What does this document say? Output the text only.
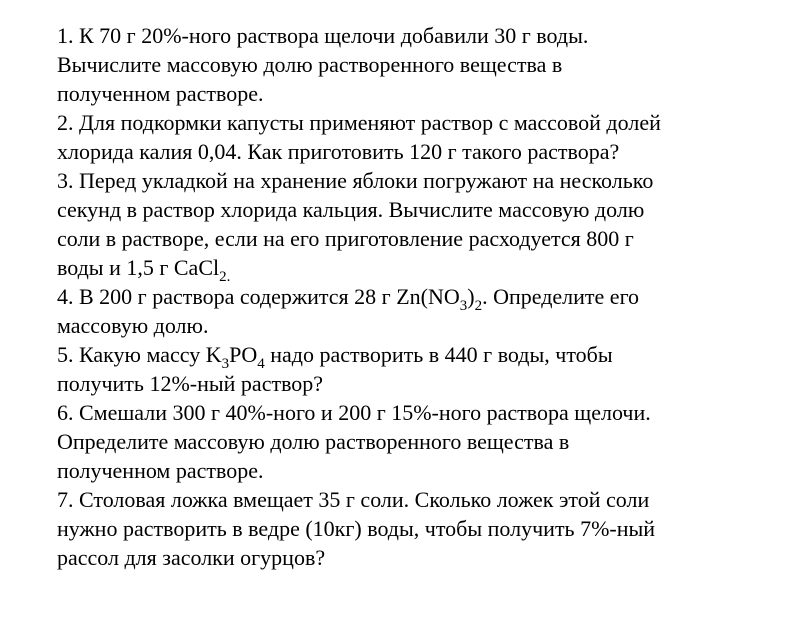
1. К 70 г 20%-ного раствора щелочи добавили 30 г воды.
Вычислите массовую долю растворенного вещества в
полученном растворе.

2. Для подкормки капусты применяют раствор с массовой долей
хлорида калия 0,04. Как приготовить 120 г такого раствора?

3. Перед укладкой на хранение яблоки погружают на несколько
секунд в раствор хлорида кальция. Вычислите массовую долю
соли в растворе, если на его приготовление расходуется 800 г
воды и 1,5 г CaCl$_{2.}$

4. В 200 г раствора содержится 28 г $Zn(NO_3)_2$. Определите его
массовую долю.

5. Какую массу $K_3PO_4$ надо растворить в 440 г воды, чтобы
получить 12%-ный раствор?

6. Смешали 300 г 40%-ного и 200 г 15%-ного раствора щелочи.
Определите массовую долю растворенного вещества в
полученном растворе.

7. Столовая ложка вмещает 35 г соли. Сколько ложек этой соли
нужно растворить в ведре (10кг) воды, чтобы получить 7%-ный
рассол для засолки огурцов?
